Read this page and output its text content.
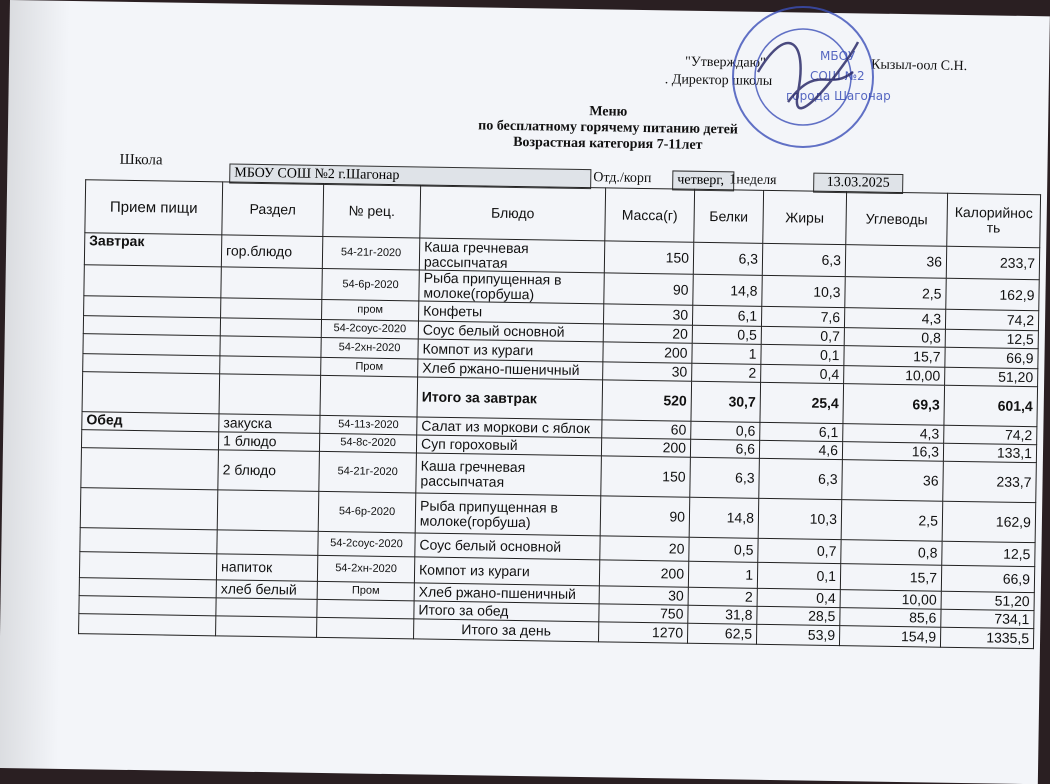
"Утверждаю"
. Директор школы
Кызыл-оол С.Н.
Меню
по бесплатному горячему питанию детей
Возрастная категория 7-11лет
Школа
МБОУ СОШ №2 г.Шагонар	Отд./корп	четверг, 1неделя	13.03.2025
Прием пищи	Раздел	№ рец.	Блюдо	Масса(г)	Белки	Жиры	Углеводы	Калорийность
Завтрак	гор.блюдо	54-21г-2020	Каша гречневая рассыпчатая	150	6,3	6,3	36	233,7
		54-6р-2020	Рыба припущенная в молоке(горбуша)	90	14,8	10,3	2,5	162,9
		пром	Конфеты	30	6,1	7,6	4,3	74,2
		54-2соус-2020	Соус белый основной	20	0,5	0,7	0,8	12,5
		54-2хн-2020	Компот из кураги	200	1	0,1	15,7	66,9
		Пром	Хлеб ржано-пшеничный	30	2	0,4	10,00	51,20
			Итого за завтрак	520	30,7	25,4	69,3	601,4
Обед	закуска	54-11з-2020	Салат из моркови с яблок	60	0,6	6,1	4,3	74,2
	1 блюдо	54-8с-2020	Суп гороховый	200	6,6	4,6	16,3	133,1
	2 блюдо	54-21г-2020	Каша гречневая рассыпчатая	150	6,3	6,3	36	233,7
		54-6р-2020	Рыба припущенная в молоке(горбуша)	90	14,8	10,3	2,5	162,9
		54-2соус-2020	Соус белый основной	20	0,5	0,7	0,8	12,5
	напиток	54-2хн-2020	Компот из кураги	200	1	0,1	15,7	66,9
	хлеб белый	Пром	Хлеб ржано-пшеничный	30	2	0,4	10,00	51,20
			Итого за обед	750	31,8	28,5	85,6	734,1
			Итого за день	1270	62,5	53,9	154,9	1335,5
МБОУ
СОШ №2
города Шагонар
